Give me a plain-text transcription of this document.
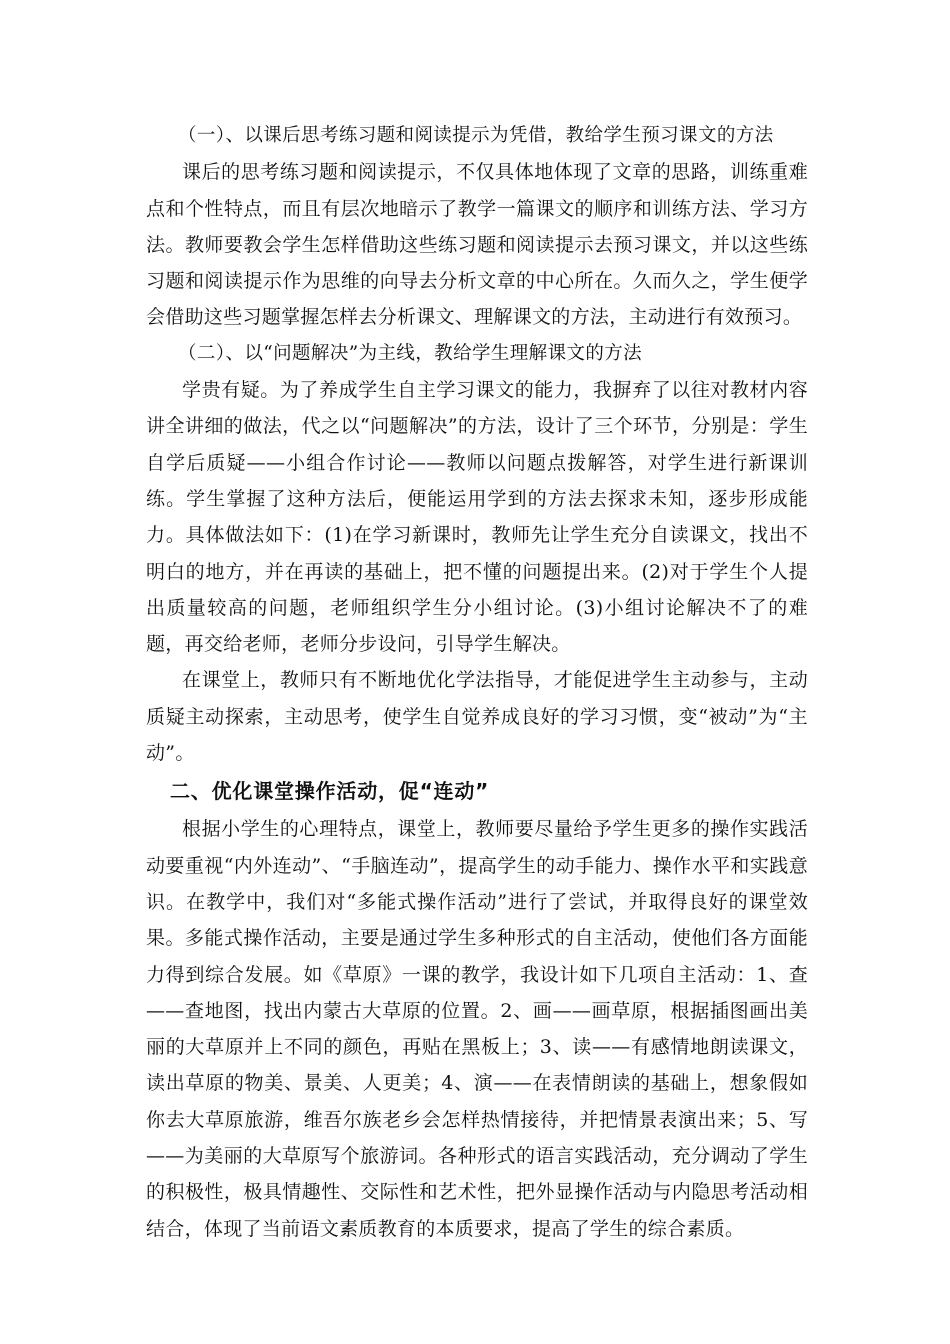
（一）、以课后思考练习题和阅读提示为凭借，教给学生预习课文的方法

课后的思考练习题和阅读提示，不仅具体地体现了文章的思路，训练重难点和个性特点，而且有层次地暗示了教学一篇课文的顺序和训练方法、学习方法。教师要教会学生怎样借助这些练习题和阅读提示去预习课文，并以这些练习题和阅读提示作为思维的向导去分析文章的中心所在。久而久之，学生便学会借助这些习题掌握怎样去分析课文、理解课文的方法，主动进行有效预习。

（二）、以“问题解决”为主线，教给学生理解课文的方法

学贵有疑。为了养成学生自主学习课文的能力，我摒弃了以往对教材内容讲全讲细的做法，代之以“问题解决”的方法，设计了三个环节，分别是：学生自学后质疑——小组合作讨论——教师以问题点拨解答，对学生进行新课训练。学生掌握了这种方法后，便能运用学到的方法去探求未知，逐步形成能力。具体做法如下：(1)在学习新课时，教师先让学生充分自读课文，找出不明白的地方，并在再读的基础上，把不懂的问题提出来。(2)对于学生个人提出质量较高的问题，老师组织学生分小组讨论。(3)小组讨论解决不了的难题，再交给老师，老师分步设问，引导学生解决。

在课堂上，教师只有不断地优化学法指导，才能促进学生主动参与，主动质疑主动探索，主动思考，使学生自觉养成良好的学习习惯，变“被动”为“主动”。

二、优化课堂操作活动，促“连动”

根据小学生的心理特点，课堂上，教师要尽量给予学生更多的操作实践活动要重视“内外连动”、“手脑连动”，提高学生的动手能力、操作水平和实践意识。在教学中，我们对“多能式操作活动”进行了尝试，并取得良好的课堂效果。多能式操作活动，主要是通过学生多种形式的自主活动，使他们各方面能力得到综合发展。如《草原》一课的教学，我设计如下几项自主活动：1、查——查地图，找出内蒙古大草原的位置。2、画——画草原，根据插图画出美丽的大草原并上不同的颜色，再贴在黑板上；3、读——有感情地朗读课文，读出草原的物美、景美、人更美；4、演——在表情朗读的基础上，想象假如你去大草原旅游，维吾尔族老乡会怎样热情接待，并把情景表演出来；5、写——为美丽的大草原写个旅游词。各种形式的语言实践活动，充分调动了学生的积极性，极具情趣性、交际性和艺术性，把外显操作活动与内隐思考活动相结合，体现了当前语文素质教育的本质要求，提高了学生的综合素质。
